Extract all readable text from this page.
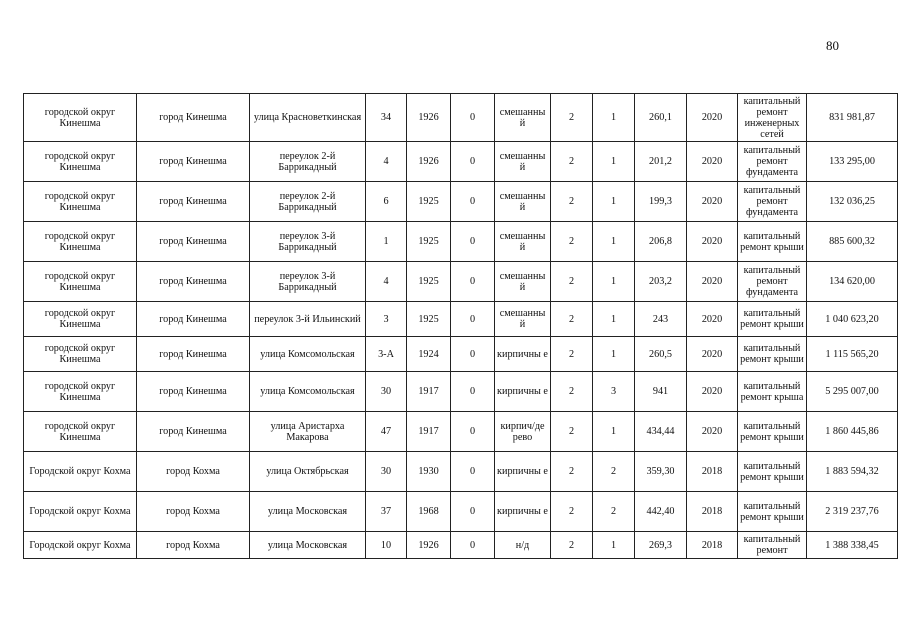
80
городской округ Кинешма	город Кинешма	улица Красноветкинская	34	1926	0	смешанны й	2	1	260,1	2020	капитальный ремонт инженерных сетей	831 981,87
городской округ Кинешма	город Кинешма	переулок 2-й Баррикадный	4	1926	0	смешанны й	2	1	201,2	2020	капитальный ремонт фундамента	133 295,00
городской округ Кинешма	город Кинешма	переулок 2-й Баррикадный	6	1925	0	смешанны й	2	1	199,3	2020	капитальный ремонт фундамента	132 036,25
городской округ Кинешма	город Кинешма	переулок 3-й Баррикадный	1	1925	0	смешанны й	2	1	206,8	2020	капитальный ремонт крыши	885 600,32
городской округ Кинешма	город Кинешма	переулок 3-й Баррикадный	4	1925	0	смешанны й	2	1	203,2	2020	капитальный ремонт фундамента	134 620,00
городской округ Кинешма	город Кинешма	переулок 3-й Ильинский	3	1925	0	смешанны й	2	1	243	2020	капитальный ремонт крыши	1 040 623,20
городской округ Кинешма	город Кинешма	улица Комсомольская	3-А	1924	0	кирпичны е	2	1	260,5	2020	капитальный ремонт крыши	1 115 565,20
городской округ Кинешма	город Кинешма	улица Комсомольская	30	1917	0	кирпичны е	2	3	941	2020	капитальный ремонт крыша	5 295 007,00
городской округ Кинешма	город Кинешма	улица Аристарха Макарова	47	1917	0	кирпич/де рево	2	1	434,44	2020	капитальный ремонт крыши	1 860 445,86
Городской округ Кохма	город Кохма	улица Октябрьская	30	1930	0	кирпичны е	2	2	359,30	2018	капитальный ремонт крыши	1 883 594,32
Городской округ Кохма	город Кохма	улица Московская	37	1968	0	кирпичны е	2	2	442,40	2018	капитальный ремонт крыши	2 319 237,76
Городской округ Кохма	город Кохма	улица Московская	10	1926	0	н/д	2	1	269,3	2018	капитальный ремонт	1 388 338,45
